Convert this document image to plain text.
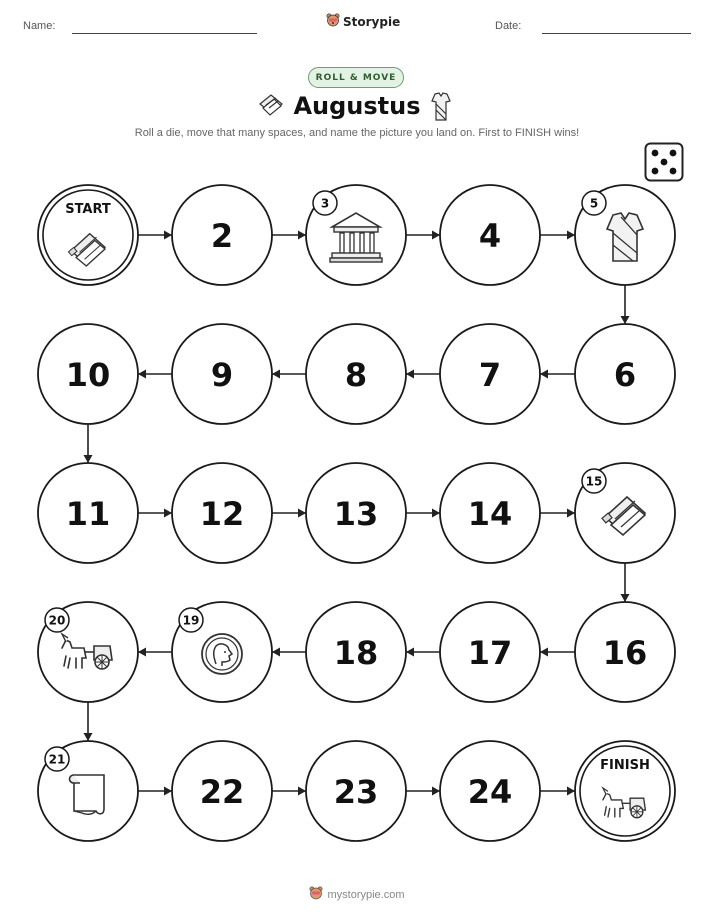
Name:	Storypie	Date:
ROLL & MOVE
Augustus
Roll a die, move that many spaces, and name the picture you land on. First to FINISH wins!
START
2
3
4
5
6
7
8
9
10
11	12	13	14
15
16
17
18
19
20
21
22	23	24
FINISH
mystorypie.com
